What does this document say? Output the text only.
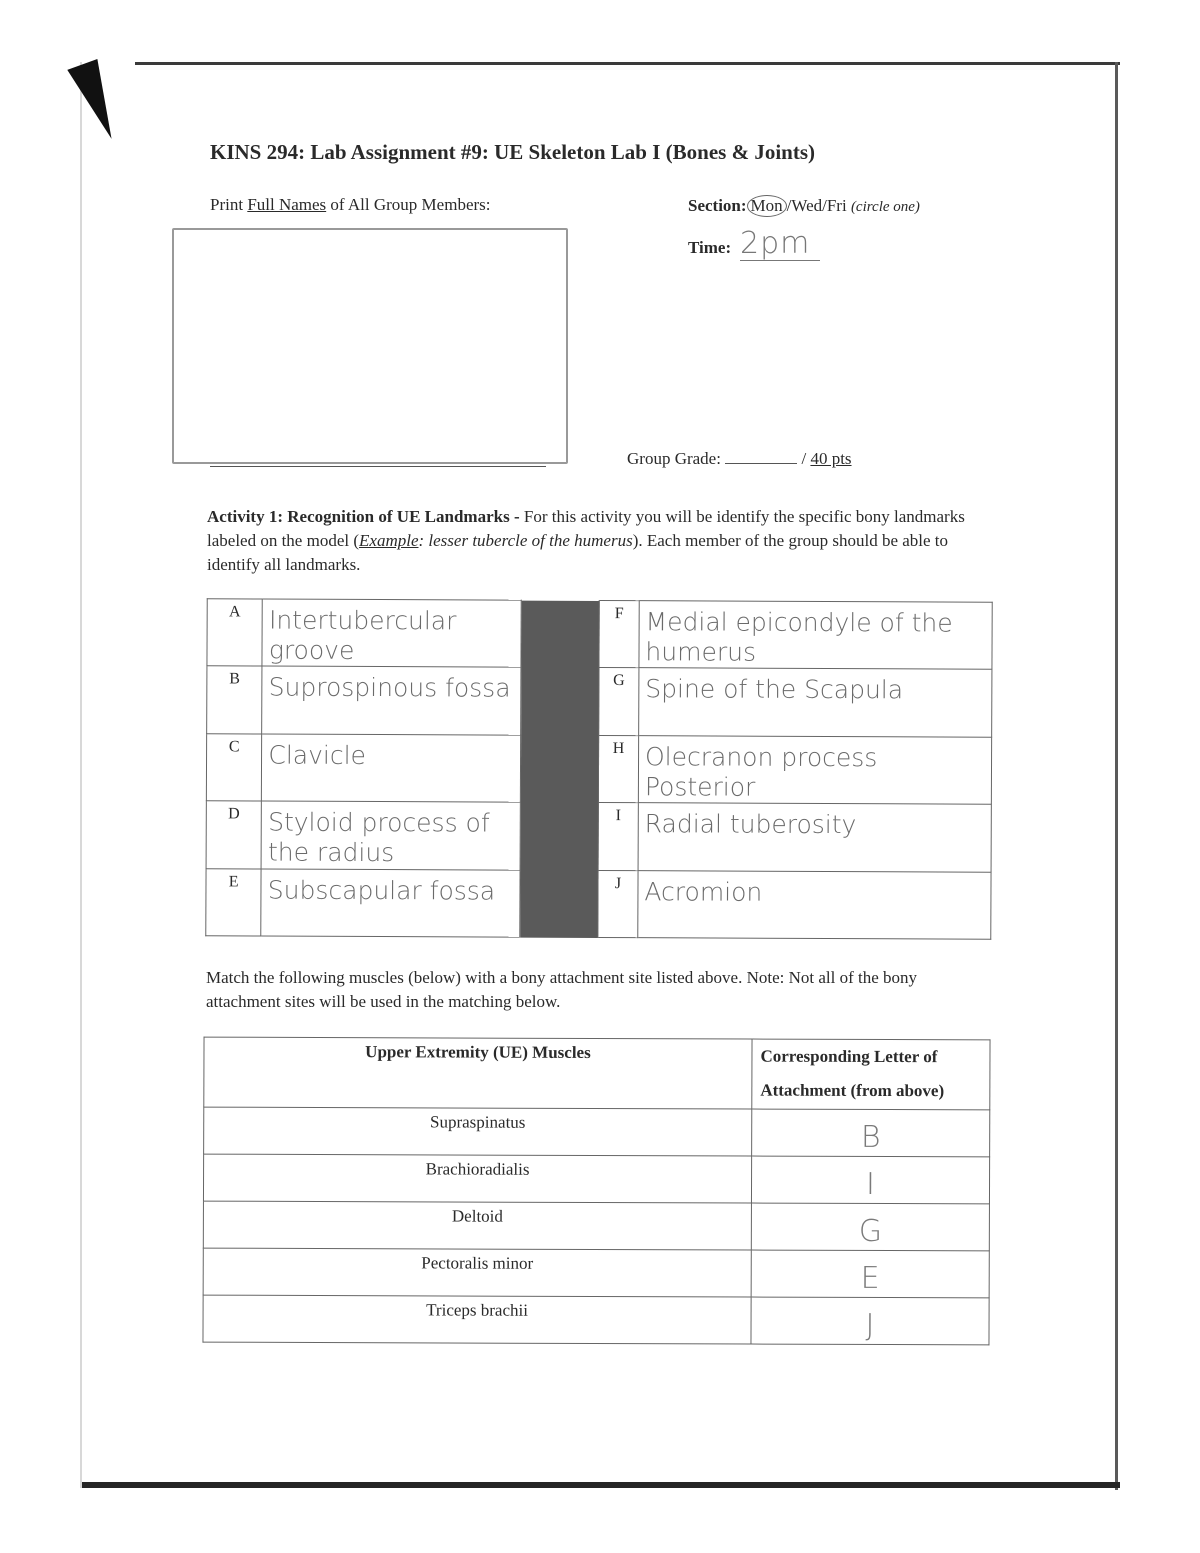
KINS 294: Lab Assignment #9: UE Skeleton Lab I (Bones & Joints)
Print Full Names of All Group Members:	Section: Mon /Wed/Fri (circle one)
Time: 2pm
Group Grade:	/ 40 pts
Activity 1: Recognition of UE Landmarks - For this activity you will be identify the specific bony landmarks labeled on the model (Example: lesser tubercle of the humerus). Each member of the group should be able to identify all landmarks.
A	Intertubercular groove		F	Medial epicondyle of the humerus
B	Suprospinous fossa		G	Spine of the Scapula
C	Clavicle		H	Olecranon process Posterior
D	Styloid process of the radius		I	Radial tuberosity
E	Subscapular fossa		J	Acromion
Match the following muscles (below) with a bony attachment site listed above. Note: Not all of the bony attachment sites will be used in the matching below.
Upper Extremity (UE) Muscles	Corresponding Letter of Attachment (from above)
Supraspinatus	B
Brachioradialis	I
Deltoid	G
Pectoralis minor	E
Triceps brachii	J
